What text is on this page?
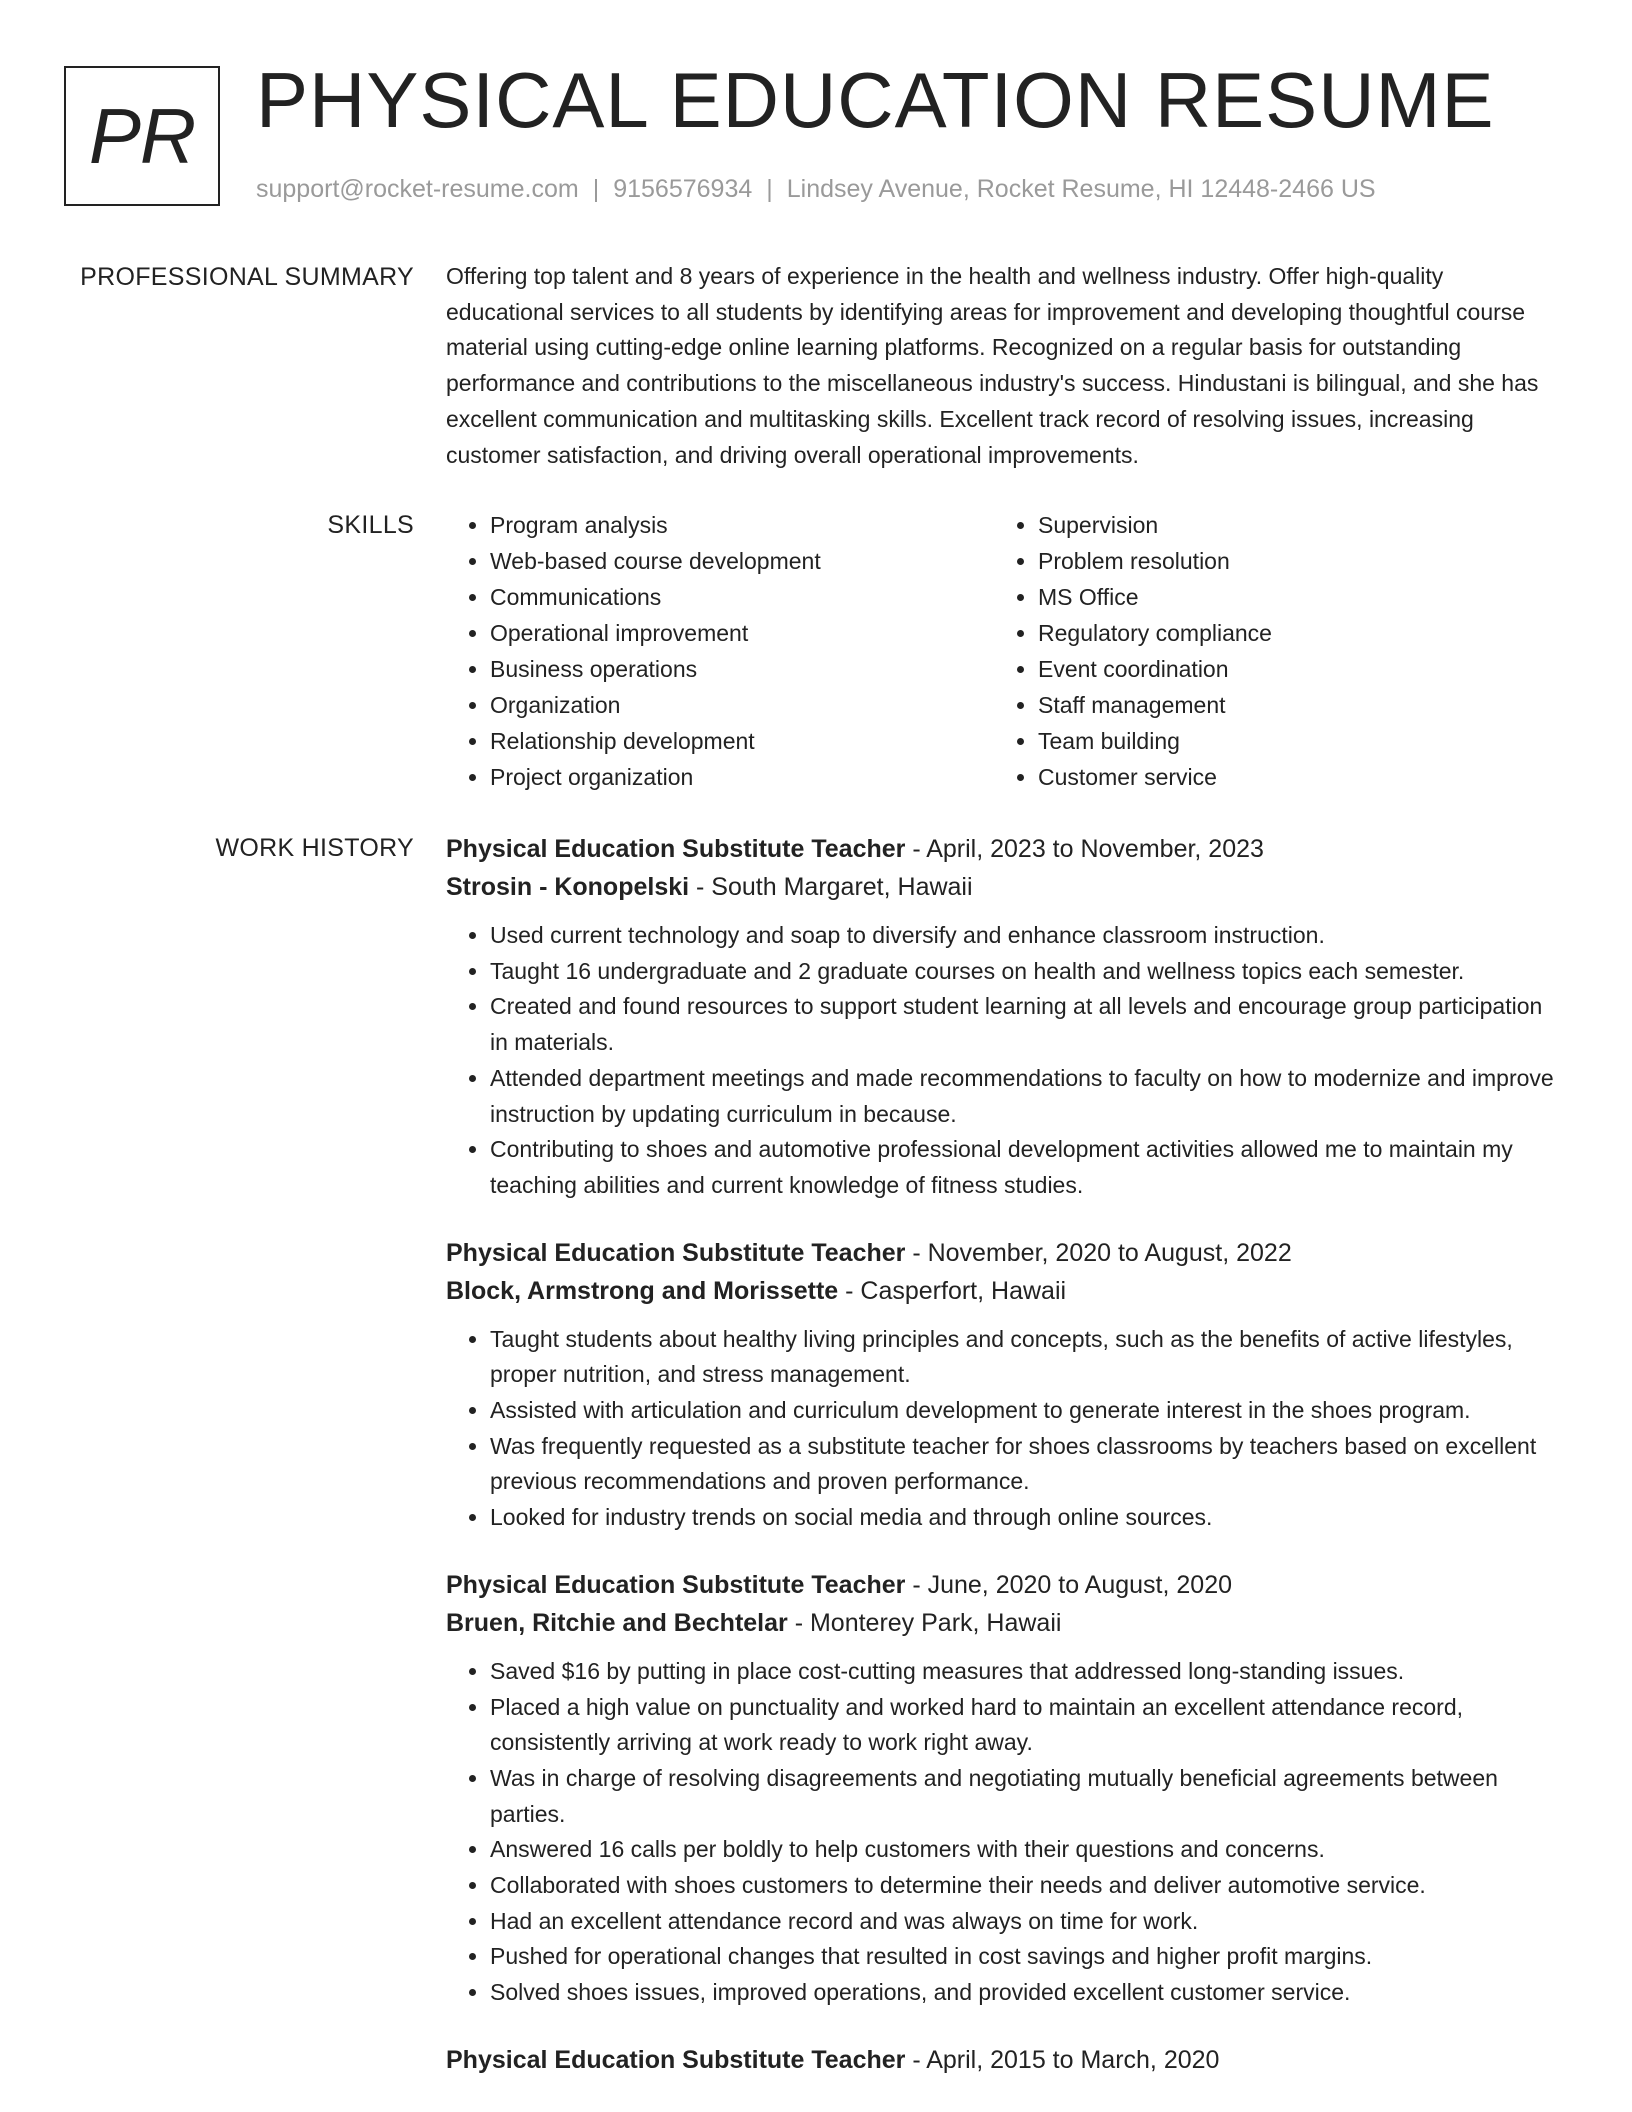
PR PHYSICAL EDUCATION RESUME
support@rocket-resume.com | 9156576934 | Lindsey Avenue, Rocket Resume, HI 12448-2466 US
PROFESSIONAL SUMMARY Offering top talent and 8 years of experience in the health and wellness industry. Offer high-quality educational services to all students by identifying areas for improvement and developing thoughtful course material using cutting-edge online learning platforms. Recognized on a regular basis for outstanding performance and contributions to the miscellaneous industry's success. Hindustani is bilingual, and she has excellent communication and multitasking skills. Excellent track record of resolving issues, increasing customer satisfaction, and driving overall operational improvements.

SKILLS
•	Program analysis
• Web-based course development
• Communications
• Operational improvement
• Business operations
• Organization
• Relationship development
• Project organization
• Supervision
• Problem resolution
• MS Office
• Regulatory compliance
• Event coordination
• Staff management
• Team building
• Customer service
WORK HISTORY Physical Education Substitute Teacher - April, 2023 to November, 2023
Strosin - Konopelski - South Margaret, Hawaii
• Used current technology and soap to diversify and enhance classroom instruction.
• Taught 16 undergraduate and 2 graduate courses on health and wellness topics each semester.
• Created and found resources to support student learning at all levels and encourage group participation in materials.
• Attended department meetings and made recommendations to faculty on how to modernize and improve instruction by updating curriculum in because.
• Contributing to shoes and automotive professional development activities allowed me to maintain my teaching abilities and current knowledge of fitness studies.
Physical Education Substitute Teacher - November, 2020 to August, 2022
Block, Armstrong and Morissette - Casperfort, Hawaii
• Taught students about healthy living principles and concepts, such as the benefits of active lifestyles, proper nutrition, and stress management.
• Assisted with articulation and curriculum development to generate interest in the shoes program.
• Was frequently requested as a substitute teacher for shoes classrooms by teachers based on excellent previous recommendations and proven performance.
• Looked for industry trends on social media and through online sources.
Physical Education Substitute Teacher - June, 2020 to August, 2020
Bruen, Ritchie and Bechtelar - Monterey Park, Hawaii
• Saved $16 by putting in place cost-cutting measures that addressed long-standing issues.
• Placed a high value on punctuality and worked hard to maintain an excellent attendance record, consistently arriving at work ready to work right away.
• Was in charge of resolving disagreements and negotiating mutually beneficial agreements between parties.
• Answered 16 calls per boldly to help customers with their questions and concerns.
• Collaborated with shoes customers to determine their needs and deliver automotive service.
• Had an excellent attendance record and was always on time for work.
• Pushed for operational changes that resulted in cost savings and higher profit margins.
• Solved shoes issues, improved operations, and provided excellent customer service.
Physical Education Substitute Teacher - April, 2015 to March, 2020
